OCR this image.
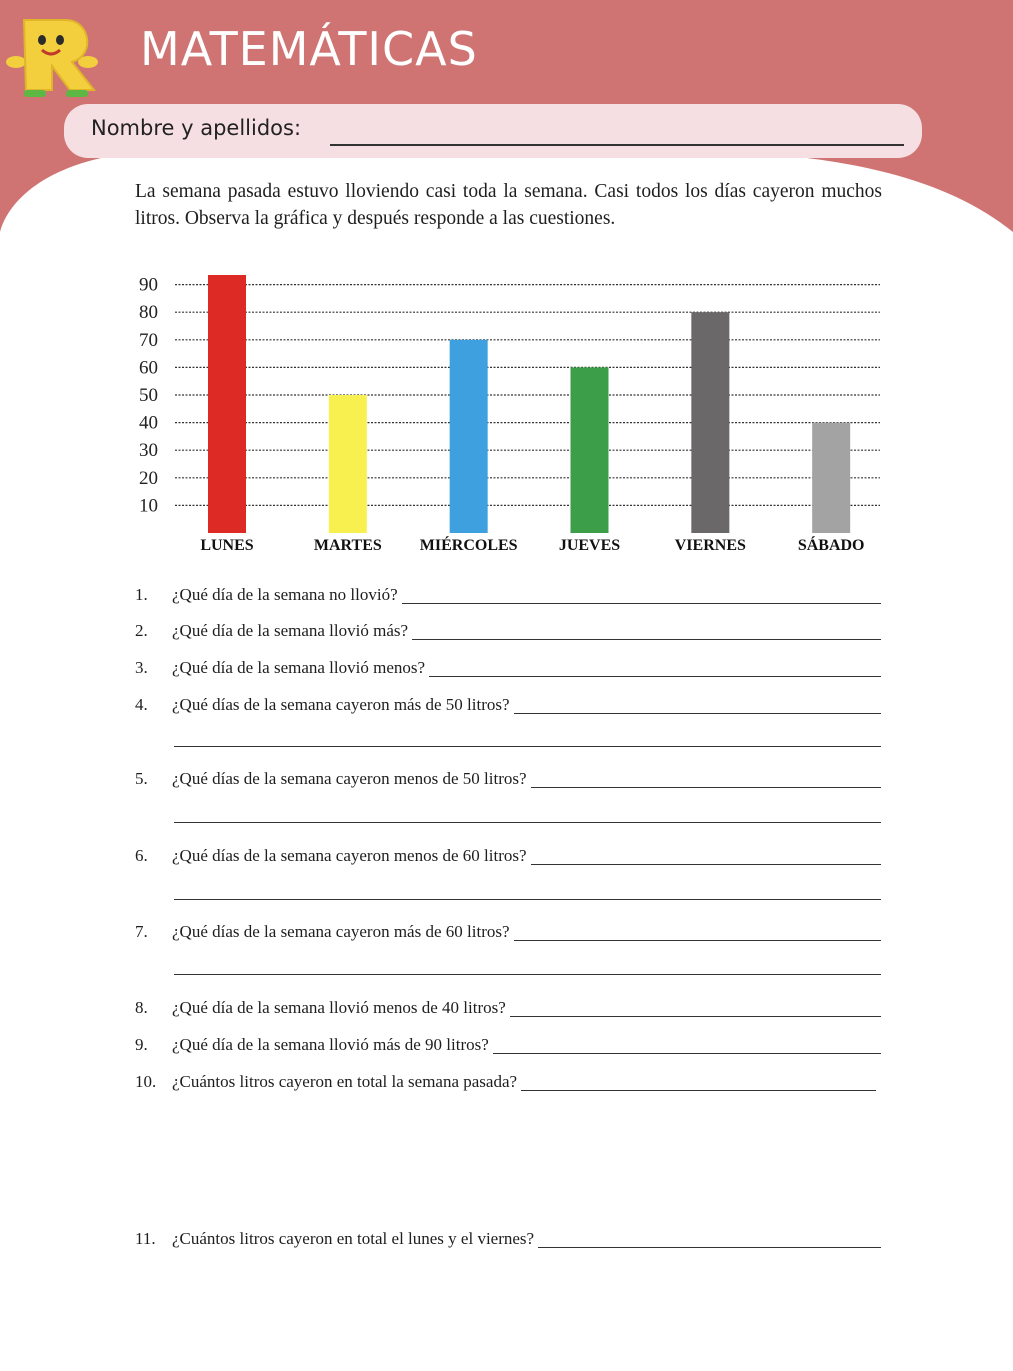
MATEMÁTICAS
Nombre y apellidos:

La semana pasada estuvo lloviendo casi toda la semana. Casi todos los días cayeron muchos litros. Observa la gráfica y después responde a las cuestiones.

10
20
30
40
50
60
70
80
90
LUNES	MARTES MIÉRCOLES	JUEVES	VIERNES	SÁBADO
1. ¿Qué día de la semana no llovió?
2. ¿Qué día de la semana llovió más?
3. ¿Qué día de la semana llovió menos?
4. ¿Qué días de la semana cayeron más de 50 litros?
5. ¿Qué días de la semana cayeron menos de 50 litros?
6. ¿Qué días de la semana cayeron menos de 60 litros?
7. ¿Qué días de la semana cayeron más de 60 litros?
8. ¿Qué día de la semana llovió menos de 40 litros?
9. ¿Qué día de la semana llovió más de 90 litros?
10. ¿Cuántos litros cayeron en total la semana pasada?
11. ¿Cuántos litros cayeron en total el lunes y el viernes?
